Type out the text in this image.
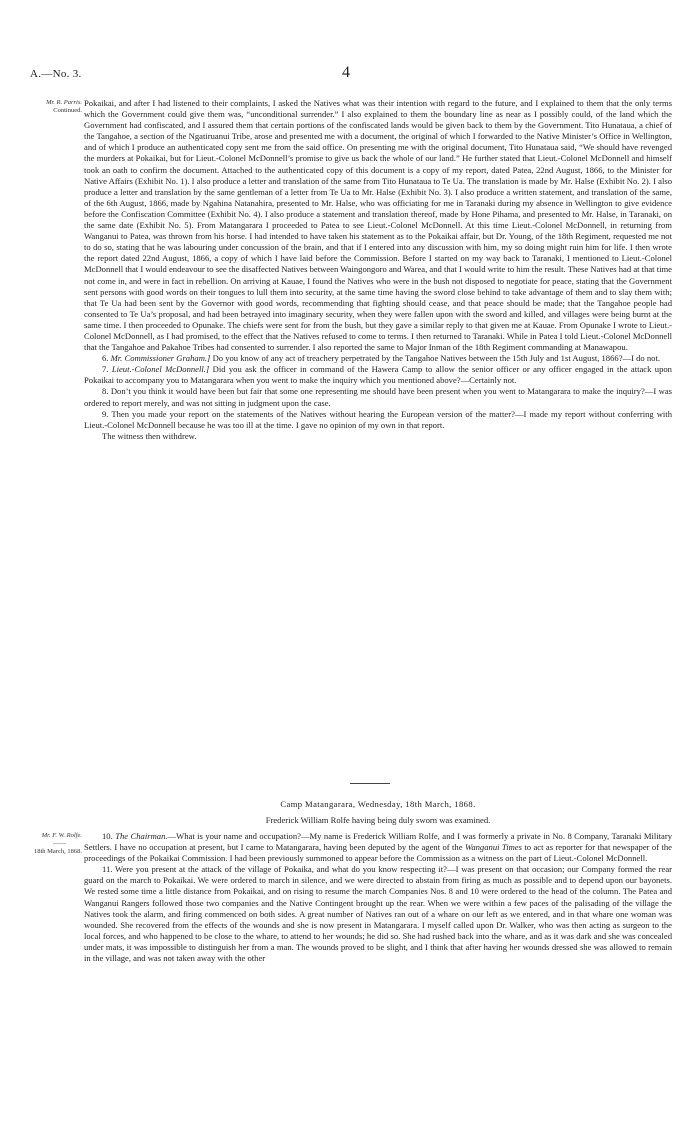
A.—No. 3.	4
Mr. R. Parris.
Continued.

Pokaikai, and after I had listened to their complaints, I asked the Natives what was their intention with regard to the future, and I explained to them that the only terms which the Government could give them was, “unconditional surrender.” I also explained to them the boundary line as near as I possibly could, of the land which the Government had confiscated, and I assured them that certain portions of the confiscated lands would be given back to them by the Government. Tito Hunataua, a chief of the Tangahoe, a section of the Ngatiruanui Tribe, arose and presented me with a document, the original of which I forwarded to the Native Minister’s Office in Wellington, and of which I produce an authenticated copy sent me from the said office. On presenting me with the original document, Tito Hunataua said, “We should have revenged the murders at Pokaikai, but for Lieut.-Colonel McDonnell’s promise to give us back the whole of our land.” He further stated that Lieut.-Colonel McDonnell and himself took an oath to confirm the document. Attached to the authenticated copy of this document is a copy of my report, dated Patea, 22nd August, 1866, to the Minister for Native Affairs (Exhibit No. 1). I also produce a letter and translation of the same from Tito Hunataua to Te Ua. The translation is made by Mr. Halse (Exhibit No. 2). I also produce a letter and translation by the same gentleman of a letter from Te Ua to Mr. Halse (Exhibit No. 3). I also produce a written statement, and translation of the same, of the 6th August, 1866, made by Ngahina Natanahira, presented to Mr. Halse, who was officiating for me in Taranaki during my absence in Wellington to give evidence before the Confiscation Committee (Exhibit No. 4). I also produce a statement and translation thereof, made by Hone Pihama, and presented to Mr. Halse, in Taranaki, on the same date (Exhibit No. 5). From Matangarara I proceeded to Patea to see Lieut.-Colonel McDonnell. At this time Lieut.-Colonel McDonnell, in returning from Wanganui to Patea, was thrown from his horse. I had intended to have taken his statement as to the Pokaikai affair, but Dr. Young, of the 18th Regiment, requested me not to do so, stating that he was labouring under concussion of the brain, and that if I entered into any discussion with him, my so doing might ruin him for life. I then wrote the report dated 22nd August, 1866, a copy of which I have laid before the Commission. Before I started on my way back to Taranaki, I mentioned to Lieut.-Colonel McDonnell that I would endeavour to see the disaffected Natives between Waingongoro and Warea, and that I would write to him the result. These Natives had at that time not come in, and were in fact in rebellion. On arriving at Kauae, I found the Natives who were in the bush not disposed to negotiate for peace, stating that the Government sent persons with good words on their tongues to lull them into security, at the same time having the sword close behind to take advantage of them and to slay them with; that Te Ua had been sent by the Governor with good words, recommending that fighting should cease, and that peace should be made; that the Tangahoe people had consented to Te Ua’s proposal, and had been betrayed into imaginary security, when they were fallen upon with the sword and killed, and villages were being burnt at the same time. I then proceeded to Opunake. The chiefs were sent for from the bush, but they gave a similar reply to that given me at Kauae. From Opunake I wrote to Lieut.-Colonel McDonnell, as I had promised, to the effect that the Natives refused to come to terms. I then returned to Taranaki. While in Patea I told Lieut.-Colonel McDonnell that the Tangahoe and Pakahoe Tribes had consented to surrender. I also reported the same to Major Inman of the 18th Regiment commanding at Manawapou.

6. Mr. Commissioner Graham.] Do you know of any act of treachery perpetrated by the Tangahoe Natives between the 15th July and 1st August, 1866?—I do not.

7. Lieut.-Colonel McDonnell.] Did you ask the officer in command of the Hawera Camp to allow the senior officer or any officer engaged in the attack upon Pokaikai to accompany you to Matangarara when you went to make the inquiry which you mentioned above?—Certainly not.

8. Don’t you think it would have been but fair that some one representing me should have been present when you went to Matangarara to make the inquiry?—I was ordered to report merely, and was not sitting in judgment upon the case.

9. Then you made your report on the statements of the Natives without hearing the European version of the matter?—I made my report without conferring with Lieut.-Colonel McDonnell because he was too ill at the time. I gave no opinion of my own in that report.

The witness then withdrew.

Camp Matangarara, Wednesday, 18th March, 1868.
Frederick William Rolfe having being duly sworn was examined.
Mr. F. W. Rolfe.
——
18th March, 1868.

10. The Chairman.—What is your name and occupation?—My name is Frederick William Rolfe, and I was formerly a private in No. 8 Company, Taranaki Military Settlers. I have no occupation at present, but I came to Matangarara, having been deputed by the agent of the Wanganui Times to act as reporter for that newspaper of the proceedings of the Pokaikai Commission. I had been previously summoned to appear before the Commission as a witness on the part of Lieut.-Colonel McDonnell.

11. Were you present at the attack of the village of Pokaika, and what do you know respecting it?—I was present on that occasion; our Company formed the rear guard on the march to Pokaikai. We were ordered to march in silence, and we were directed to abstain from firing as much as possible and to depend upon our bayonets. We rested some time a little distance from Pokaikai, and on rising to resume the march Companies Nos. 8 and 10 were ordered to the head of the column. The Patea and Wanganui Rangers followed those two companies and the Native Contingent brought up the rear. When we were within a few paces of the palisading of the village the Natives took the alarm, and firing commenced on both sides. A great number of Natives ran out of a whare on our left as we entered, and in that whare one woman was wounded. She recovered from the effects of the wounds and she is now present in Matangarara. I myself called upon Dr. Walker, who was then acting as surgeon to the local forces, and who happened to be close to the whare, to attend to her wounds; he did so. She had rushed back into the whare, and as it was dark and she was concealed under mats, it was impossible to distinguish her from a man. The wounds proved to be slight, and I think that after having her wounds dressed she was allowed to remain in the village, and was not taken away with the other
